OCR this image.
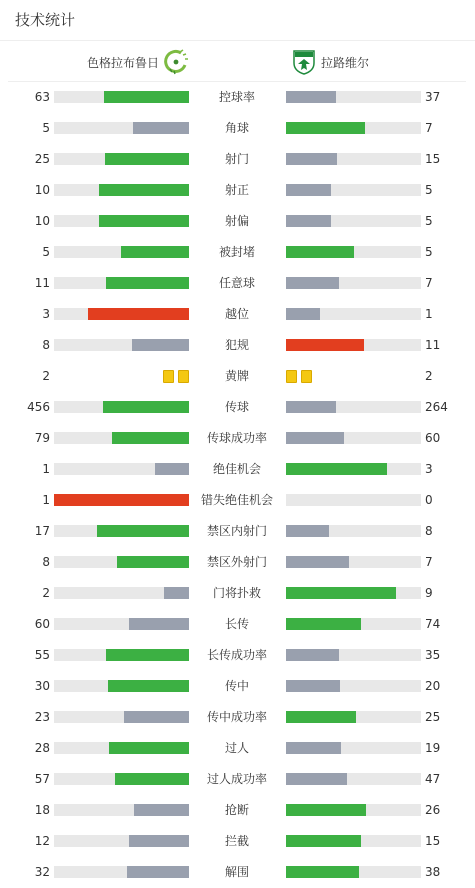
技术统计
色格拉布鲁日	拉路维尔
63	控球率	37
5	角球	7
25	射门	15
10	射正	5
10	射偏	5
5	被封堵	5
11	任意球	7
3	越位	1
8	犯规	11
2	黄牌	2
456	传球	264
79	传球成功率	60
1	绝佳机会	3
1	错失绝佳机会	0
17	禁区内射门	8
8	禁区外射门	7
2	门将扑救	9
60	长传	74
55	长传成功率	35
30	传中	20
23	传中成功率	25
28	过人	19
57	过人成功率	47
18	抢断	26
12	拦截	15
32	解围	38
